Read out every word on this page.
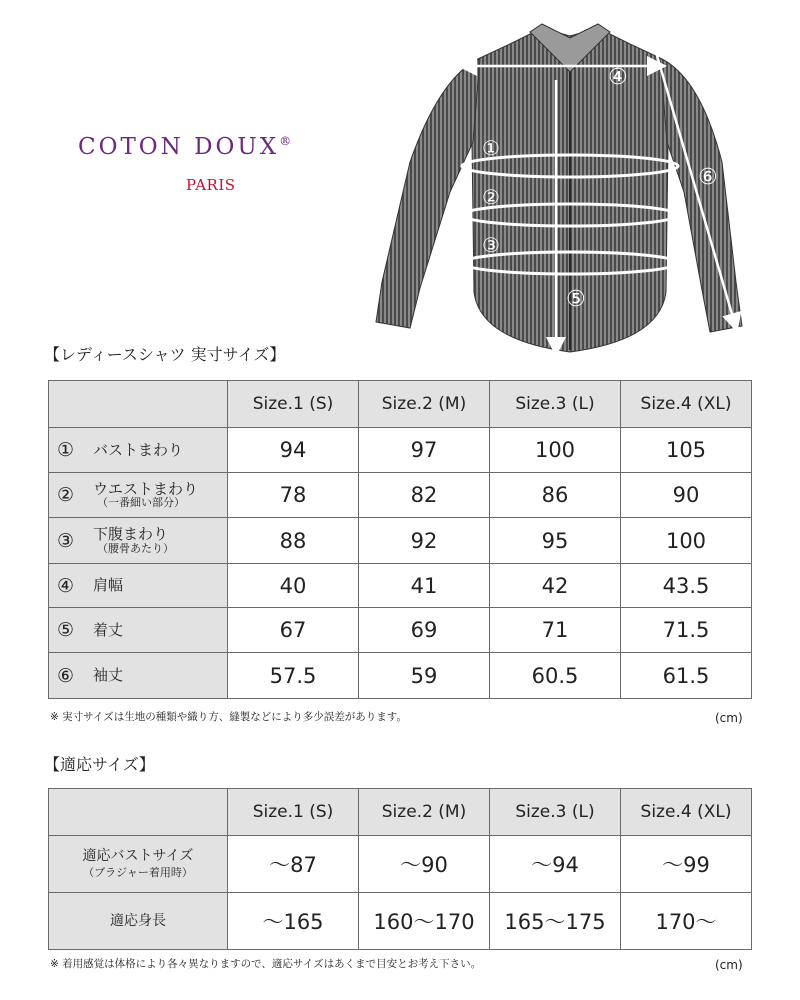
COTON DOUX®
PARIS
④
①
②
③
⑤
⑥
【レディースシャツ 実寸サイズ】
	Size.1 (S)	Size.2 (M)	Size.3 (L)	Size.4 (XL)
① バストまわり	94	97	100	105
② ウエストまわり
（一番細い部分）	78	82	86	90
③ 下腹まわり
（腰骨あたり）	88	92	95	100
④ 肩幅	40	41	42	43.5
⑤ 着丈	67	69	71	71.5
⑥ 袖丈	57.5	59	60.5	61.5
※ 実寸サイズは生地の種類や織り方、縫製などにより多少誤差があります。	(cm)
【適応サイズ】
	Size.1 (S)	Size.2 (M)	Size.3 (L)	Size.4 (XL)
適応バストサイズ
（ブラジャー着用時）	～87	～90	～94	～99
適応身長	～165	160～170	165～175	170～
※ 着用感覚は体格により各々異なりますので、適応サイズはあくまで目安とお考え下さい。	(cm)
